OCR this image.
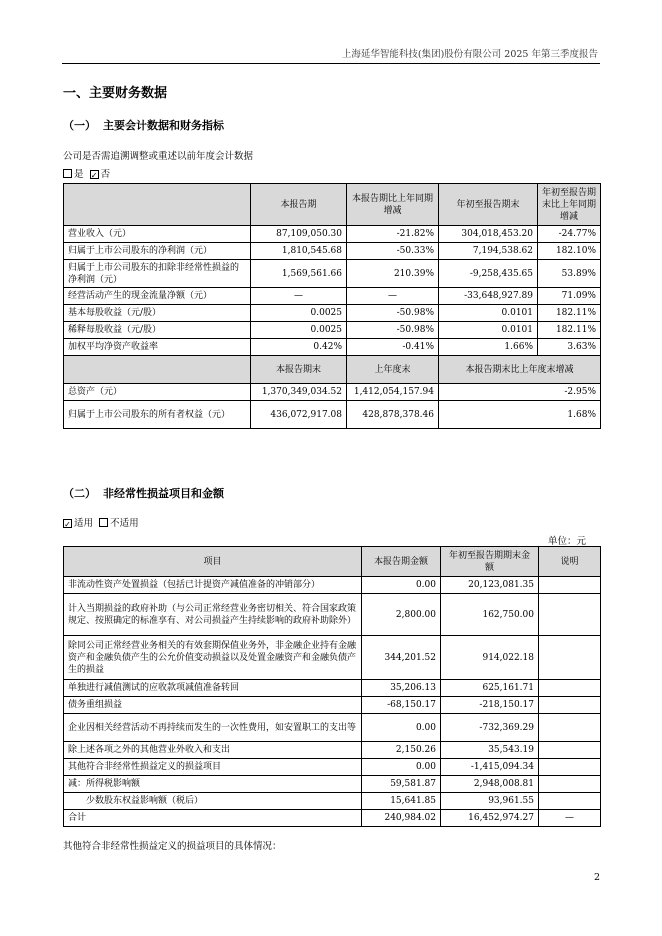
上海延华智能科技(集团)股份有限公司 2025 年第三季度报告
一、主要财务数据
（一） 主要会计数据和财务指标
公司是否需追溯调整或重述以前年度会计数据
是 ✓ 否
	本报告期	本报告期比上年同期增减	年初至报告期末	年初至报告期末比上年同期增减
营业收入（元）	87,109,050.30	-21.82%	304,018,453.20	-24.77%
归属于上市公司股东的净利润（元）	1,810,545.68	-50.33%	7,194,538.62	182.10%
归属于上市公司股东的扣除非经常性损益的净利润（元）	1,569,561.66	210.39%	-9,258,435.65	53.89%
经营活动产生的现金流量净额（元）	—	—	-33,648,927.89	71.09%
基本每股收益（元/股）	0.0025	-50.98%	0.0101	182.11%
稀释每股收益（元/股）	0.0025	-50.98%	0.0101	182.11%
加权平均净资产收益率	0.42%	-0.41%	1.66%	3.63%
	本报告期末	上年度末	本报告期末比上年度末增减	
总资产（元）	1,370,349,034.52	1,412,054,157.94	-2.95%	
归属于上市公司股东的所有者权益（元）	436,072,917.08	428,878,378.46	1.68%	
（二） 非经常性损益项目和金额
✓ 适用 不适用
单位：元
项目	本报告期金额	年初至报告期期末金额	说明
非流动性资产处置损益（包括已计提资产减值准备的冲销部分）	0.00	20,123,081.35	
计入当期损益的政府补助（与公司正常经营业务密切相关、符合国家政策规定、按照确定的标准享有、对公司损益产生持续影响的政府补助除外）	2,800.00	162,750.00	
除同公司正常经营业务相关的有效套期保值业务外，非金融企业持有金融资产和金融负债产生的公允价值变动损益以及处置金融资产和金融负债产生的损益	344,201.52	914,022.18	
单独进行减值测试的应收款项减值准备转回	35,206.13	625,161.71	
债务重组损益	-68,150.17	-218,150.17	
企业因相关经营活动不再持续而发生的一次性费用，如安置职工的支出等	0.00	-732,369.29	
除上述各项之外的其他营业外收入和支出	2,150.26	35,543.19	
其他符合非经常性损益定义的损益项目	0.00	-1,415,094.34	
减：所得税影响额	59,581.87	2,948,008.81	
少数股东权益影响额（税后）	15,641.85	93,961.55	
合计	240,984.02	16,452,974.27	—
其他符合非经常性损益定义的损益项目的具体情况：
2
